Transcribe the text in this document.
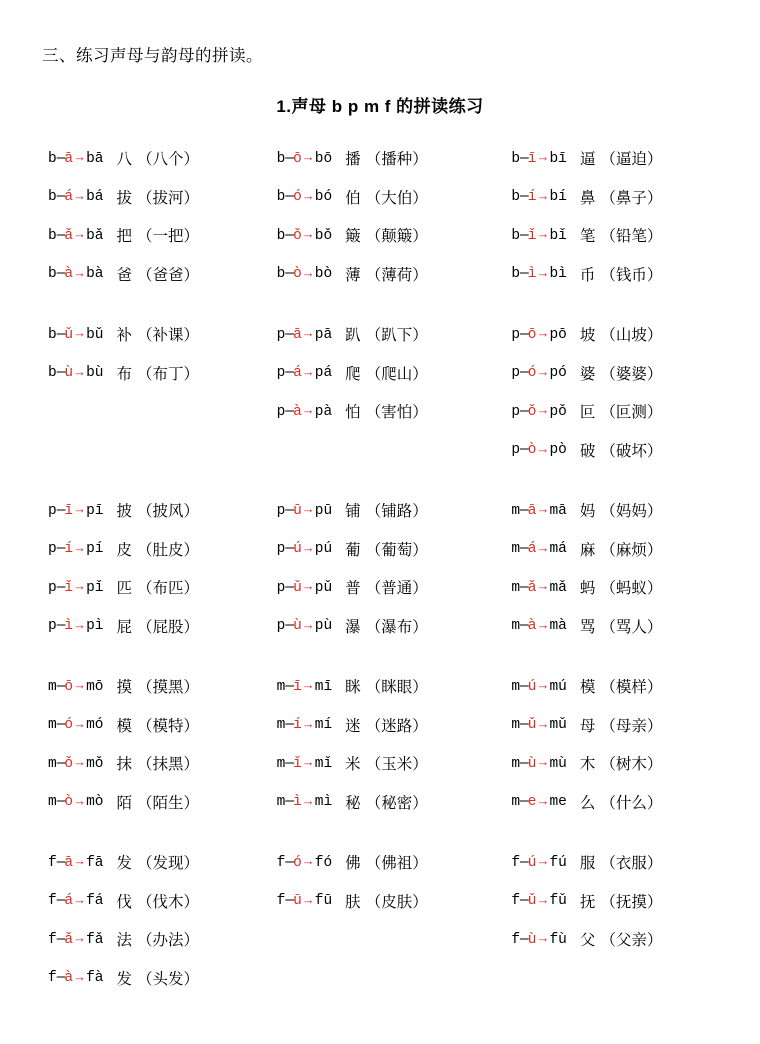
三、练习声母与韵母的拼读。
1.声母 b p m f 的拼读练习
b—ā→bā 八 （八个）
b—á→bá 拔 （拔河）
b—ǎ→bǎ 把 （一把）
b—à→bà 爸 （爸爸）
b—ō→bō 播 （播种）
b—ó→bó 伯 （大伯）
b—ǒ→bǒ 簸 （颠簸）
b—ò→bò 薄 （薄荷）
b—ī→bī 逼 （逼迫）
b—í→bí 鼻 （鼻子）
b—ǐ→bǐ 笔 （铅笔）
b—ì→bì 币 （钱币）
b—ǔ→bǔ 补 （补课）
b—ù→bù 布 （布丁）
p—ā→pā 趴 （趴下）
p—á→pá 爬 （爬山）
p—à→pà 怕 （害怕）
p—ō→pō 坡 （山坡）
p—ó→pó 婆 （婆婆）
p—ǒ→pǒ 叵 （叵测）
p—ò→pò 破 （破坏）
p—ī→pī 披 （披风）
p—í→pí 皮 （肚皮）
p—ǐ→pǐ 匹 （布匹）
p—ì→pì 屁 （屁股）
p—ū→pū 铺 （铺路）
p—ú→pú 葡 （葡萄）
p—ǔ→pǔ 普 （普通）
p—ù→pù 瀑 （瀑布）
m—ā→mā 妈 （妈妈）
m—á→má 麻 （麻烦）
m—ǎ→mǎ 蚂 （蚂蚁）
m—à→mà 骂 （骂人）
m—ō→mō 摸 （摸黑）
m—ó→mó 模 （模特）
m—ǒ→mǒ 抹 （抹黑）
m—ò→mò 陌 （陌生）
m—ī→mī 眯 （眯眼）
m—í→mí 迷 （迷路）
m—ǐ→mǐ 米 （玉米）
m—ì→mì 秘 （秘密）
m—ú→mú 模 （模样）
m—ǔ→mǔ 母 （母亲）
m—ù→mù 木 （树木）
m—e→me 么 （什么）
f—ā→fā 发 （发现）
f—á→fá 伐 （伐木）
f—ǎ→fǎ 法 （办法）
f—à→fà 发 （头发）
f—ó→fó 佛 （佛祖）
f—ū→fū 肤 （皮肤）
f—ú→fú 服 （衣服）
f—ǔ→fǔ 抚 （抚摸）
f—ù→fù 父 （父亲）
